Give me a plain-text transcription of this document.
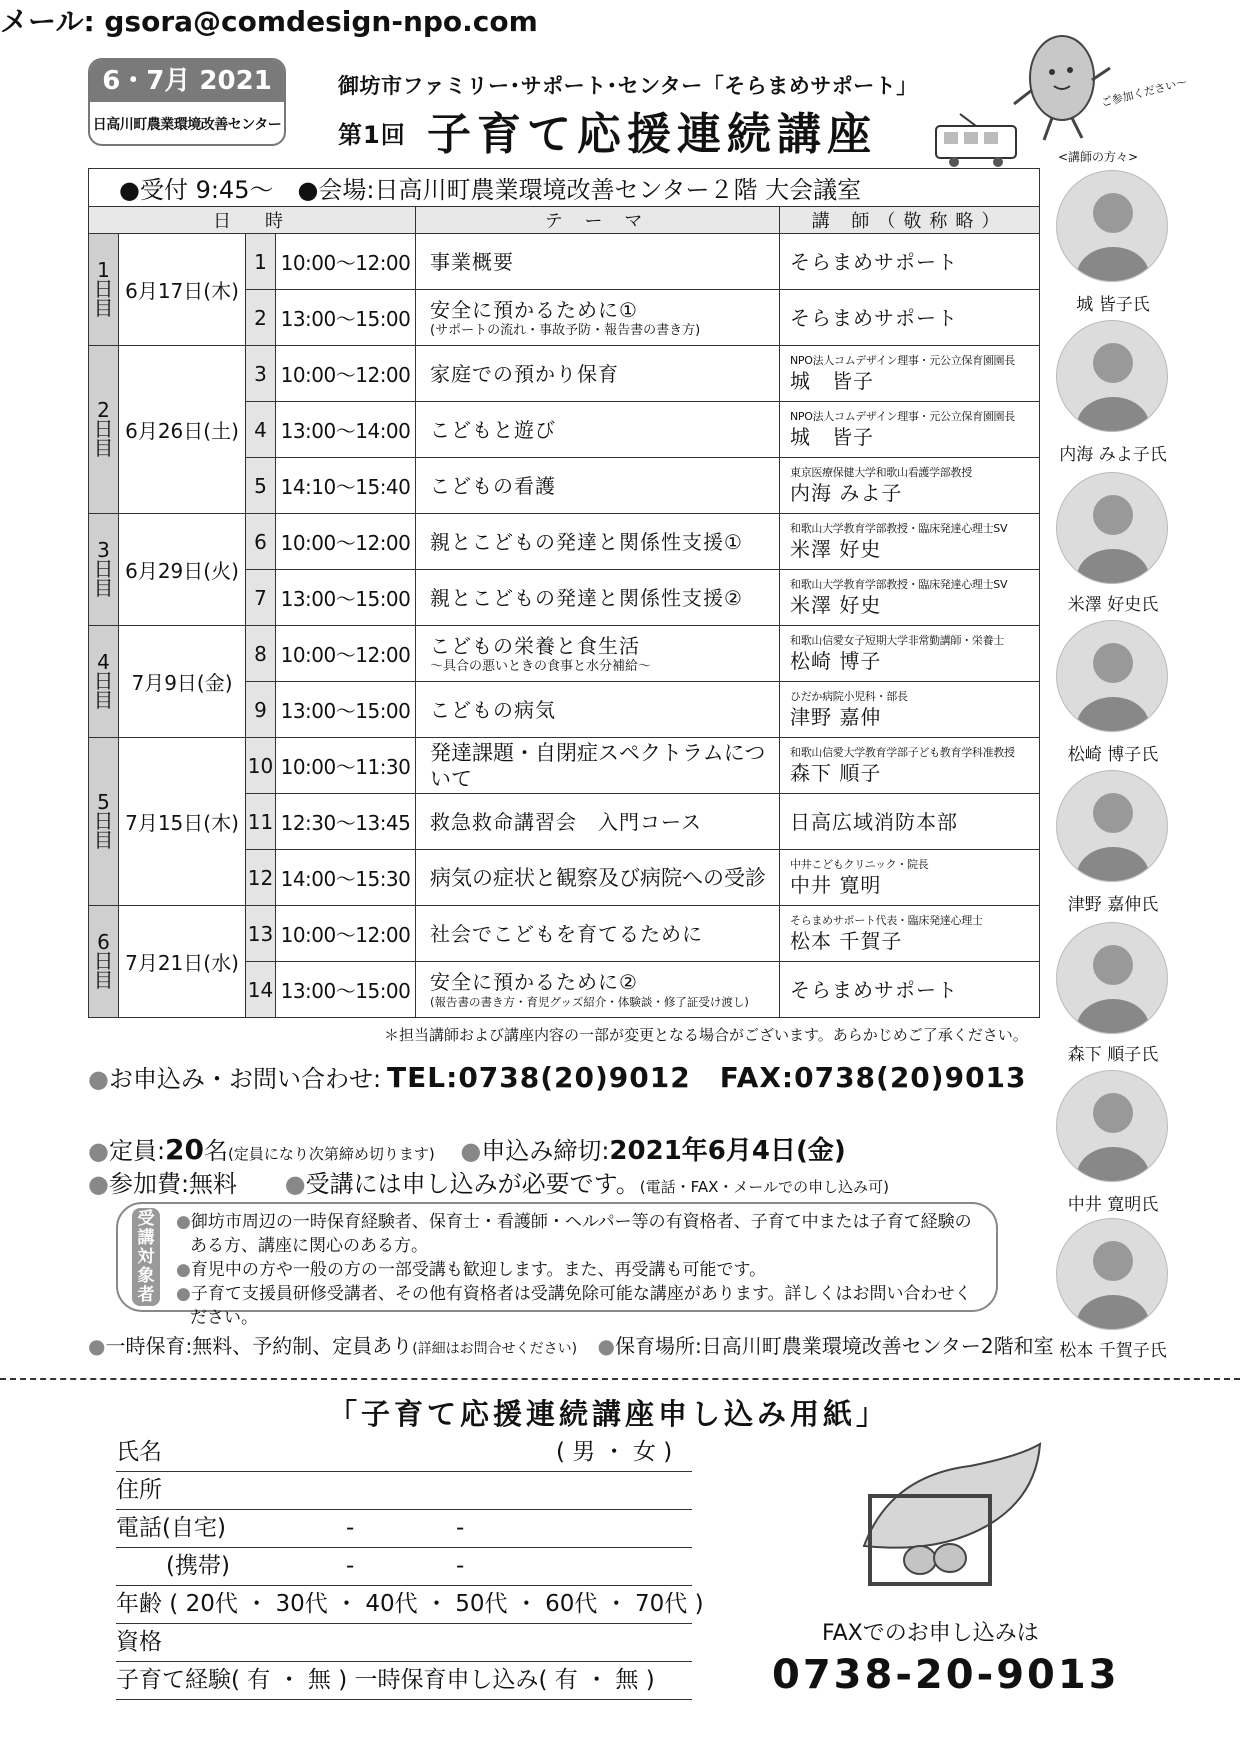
6・7月 2021
日高川町農業環境改善センター
御坊市ファミリー･サポート･センター「そらまめサポート」
第1回 子育て応援連続講座
ご参加ください～
<講師の方々>
●受付 9:45～　●会場:日高川町農業環境改善センター２階 大会議室					
日　時				テ ー マ	講 師（敬称略）

1
日
目	6月17日(木)	1	10:00～12:00	事業概要	そらまめサポート
		2	13:00～15:00	安全に預かるために①
(サポートの流れ・事故予防・報告書の書き方)	そらまめサポート

2
日
目	6月26日(土)	3	10:00～12:00	家庭での預かり保育	NPO法人コムデザイン理事・元公立保育園園長
城　皆子
		4	13:00～14:00	こどもと遊び	NPO法人コムデザイン理事・元公立保育園園長
城　皆子
		5	14:10～15:40	こどもの看護	東京医療保健大学和歌山看護学部教授
内海 みよ子

3
日
目	6月29日(火)	6	10:00～12:00	親とこどもの発達と関係性支援①	和歌山大学教育学部教授・臨床発達心理士SV
米澤 好史
		7	13:00～15:00	親とこどもの発達と関係性支援②	和歌山大学教育学部教授・臨床発達心理士SV
米澤 好史

4
日
目	7月9日(金)	8	10:00～12:00	こどもの栄養と食生活
～具合の悪いときの食事と水分補給～	和歌山信愛女子短期大学非常勤講師・栄養士
松崎 博子
		9	13:00～15:00	こどもの病気	ひだか病院小児科・部長
津野 嘉伸

5
日
目	7月15日(木)	10	10:00～11:30	発達課題・自閉症スペクトラムについて	和歌山信愛大学教育学部子ども教育学科准教授
森下 順子
		11	12:30～13:45	救急救命講習会　入門コース	日高広域消防本部
		12	14:00～15:30	病気の症状と観察及び病院への受診	中井こどもクリニック・院長
中井 寛明

6
日
目	7月21日(水)	13	10:00～12:00	社会でこどもを育てるために	そらまめサポート代表・臨床発達心理士
松本 千賀子
		14	13:00～15:00	安全に預かるために②
(報告書の書き方・育児グッズ紹介・体験談・修了証受け渡し)	そらまめサポート
＊担当講師および講座内容の一部が変更となる場合がございます。あらかじめご了承ください。
●お申込み・お問い合わせ: TEL:0738(20)9012　FAX:0738(20)9013
メール: gsora@comdesign-npo.com
●定員:20名(定員になり次第締め切ります) ●申込み締切:2021年6月4日(金)
●参加費:無料 ●受講には申し込みが必要です。(電話・FAX・メールでの申し込み可)
受講対象者
●御坊市周辺の一時保育経験者、保育士・看護師・ヘルパー等の有資格者、子育て中または子育て経験のある方、講座に関心のある方。
●育児中の方や一般の方の一部受講も歓迎します。また、再受講も可能です。
●子育て支援員研修受講者、その他有資格者は受講免除可能な講座があります。詳しくはお問い合わせください。
●一時保育:無料、予約制、定員あり(詳細はお問合せください) ●保育場所:日高川町農業環境改善センター2階和室
「子育て応援連続講座申し込み用紙」
氏名	( 男 ・ 女 )
住所
電話(自宅)	-	-
(携帯)	-	-
年齢 ( 20代 ・ 30代 ・ 40代 ・ 50代 ・ 60代 ・ 70代 )
資格
子育て経験( 有 ・ 無 ) 一時保育申し込み( 有 ・ 無 )
FAXでのお申し込みは
0738-20-9013
城 皆子氏
内海 みよ子氏
米澤 好史氏
松崎 博子氏
津野 嘉伸氏
森下 順子氏
中井 寛明氏
松本 千賀子氏
